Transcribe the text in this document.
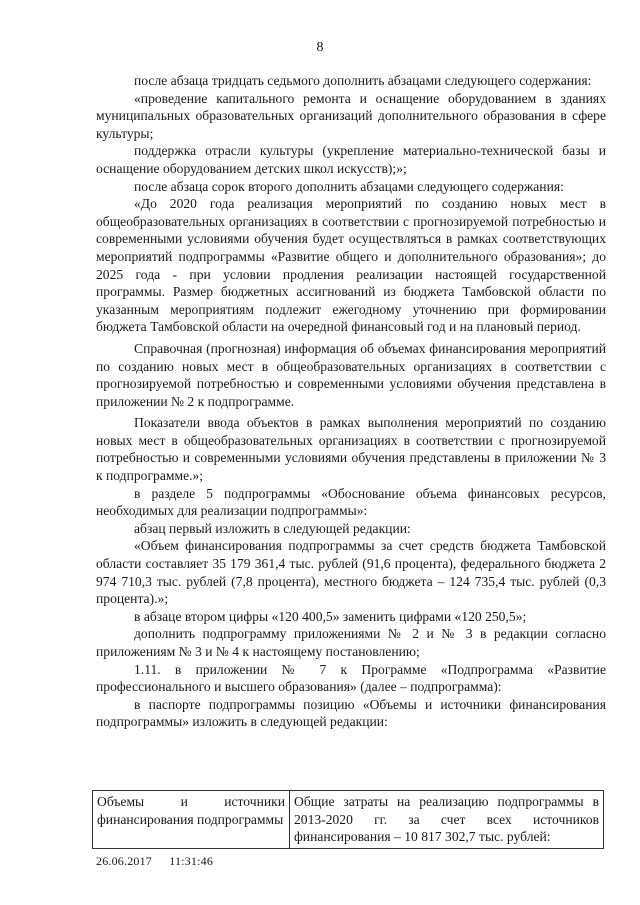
8

после абзаца тридцать седьмого дополнить абзацами следующего содержания:

«проведение капитального ремонта и оснащение оборудованием в зданиях муниципальных образовательных организаций дополнительного образования в сфере культуры;

поддержка отрасли культуры (укрепление материально-технической базы и оснащение оборудованием детских школ искусств);»;

после абзаца сорок второго дополнить абзацами следующего содержания:

«До 2020 года реализация мероприятий по созданию новых мест в общеобразовательных организациях в соответствии с прогнозируемой потребностью и современными условиями обучения будет осуществляться в рамках соответствующих мероприятий подпрограммы «Развитие общего и дополнительного образования»; до 2025 года - при условии продления реализации настоящей государственной программы. Размер бюджетных ассигнований из бюджета Тамбовской области по указанным мероприятиям подлежит ежегодному уточнению при формировании бюджета Тамбовской области на очередной финансовый год и на плановый период.

Справочная (прогнозная) информация об объемах финансирования мероприятий по созданию новых мест в общеобразовательных организациях в соответствии с прогнозируемой потребностью и современными условиями обучения представлена в приложении № 2 к подпрограмме.

Показатели ввода объектов в рамках выполнения мероприятий по созданию новых мест в общеобразовательных организациях в соответствии с прогнозируемой потребностью и современными условиями обучения представлены в приложении № 3 к подпрограмме.»;

в разделе 5 подпрограммы «Обоснование объема финансовых ресурсов, необходимых для реализации подпрограммы»:

абзац первый изложить в следующей редакции:

«Объем финансирования подпрограммы за счет средств бюджета Тамбовской области составляет 35 179 361,4 тыс. рублей (91,6 процента), федерального бюджета 2 974 710,3 тыс. рублей (7,8 процента), местного бюджета – 124 735,4 тыс. рублей (0,3 процента).»;

в абзаце втором цифры «120 400,5» заменить цифрами «120 250,5»;

дополнить подпрограмму приложениями № 2 и № 3 в редакции согласно приложениям № 3 и № 4 к настоящему постановлению;

1.11. в приложении № 7 к Программе «Подпрограмма «Развитие профессионального и высшего образования» (далее – подпрограмма):

в паспорте подпрограммы позицию «Объемы и источники финансирования подпрограммы» изложить в следующей редакции:

Объемы и источники финансирования подпрограммы	Общие затраты на реализацию подпрограммы в 2013-2020 гг. за счет всех источников финансирования – 10 817 302,7 тыс. рублей:
26.06.2017 11:31:46
